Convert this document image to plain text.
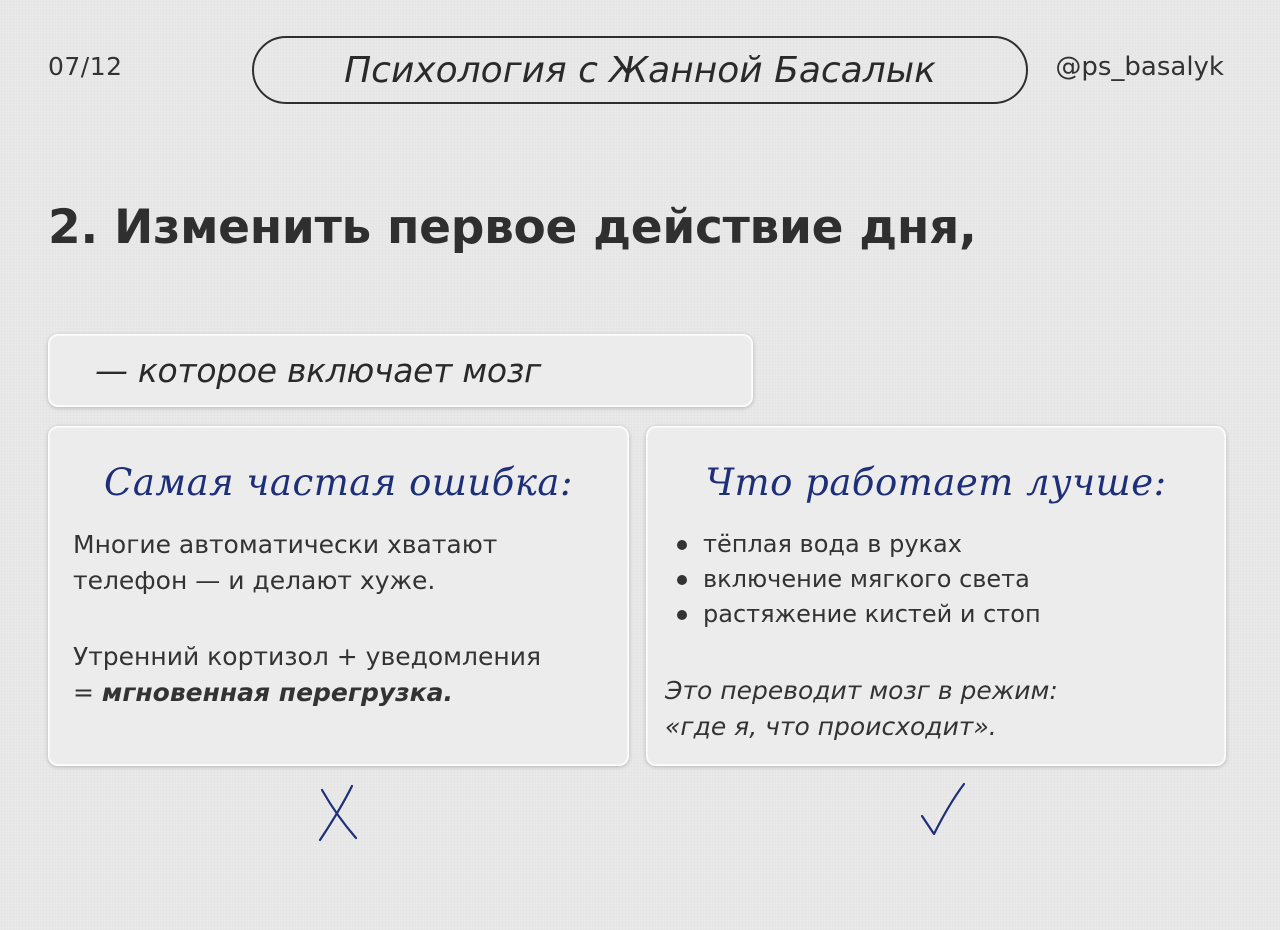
07/12	Психология с Жанной Басалык	@ps_basalyk
2. Изменить первое действие дня,
— которое включает мозг
Самая частая ошибка:

Многие автоматически хватают

телефон — и делают хуже.

Утренний кортизол + уведомления

= мгновенная перегрузка.

Что работает лучше:
тёплая вода в руках
включение мягкого света
растяжение кистей и стоп

Это переводит мозг в режим:

«где я, что происходит».
